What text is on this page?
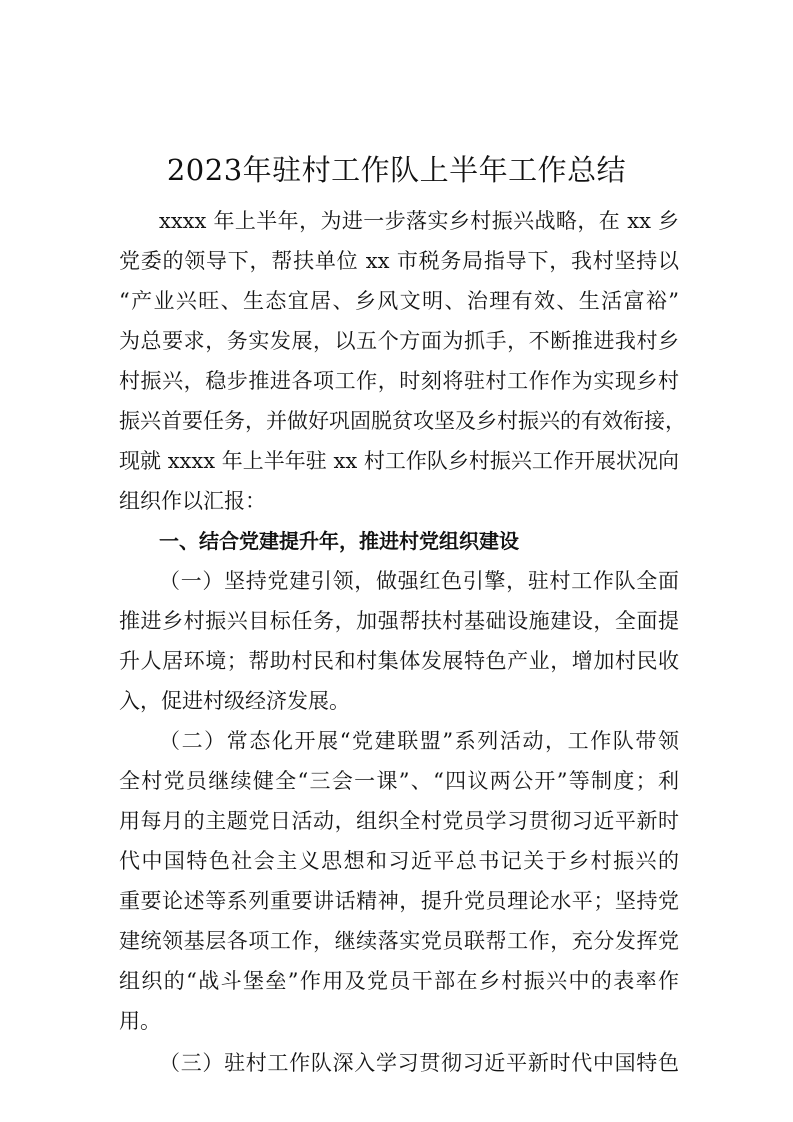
2023年驻村工作队上半年工作总结
xxxx 年上半年，为进一步落实乡村振兴战略，在 xx 乡
党委的领导下，帮扶单位 xx 市税务局指导下，我村坚持以
“产业兴旺、生态宜居、乡风文明、治理有效、生活富裕”
为总要求，务实发展，以五个方面为抓手，不断推进我村乡
村振兴，稳步推进各项工作，时刻将驻村工作作为实现乡村
振兴首要任务，并做好巩固脱贫攻坚及乡村振兴的有效衔接，
现就 xxxx 年上半年驻 xx 村工作队乡村振兴工作开展状况向
组织作以汇报：
一、结合党建提升年，推进村党组织建设
（一）坚持党建引领，做强红色引擎，驻村工作队全面
推进乡村振兴目标任务，加强帮扶村基础设施建设，全面提
升人居环境；帮助村民和村集体发展特色产业，增加村民收
入，促进村级经济发展。
（二）常态化开展“党建联盟”系列活动，工作队带领
全村党员继续健全“三会一课”、“四议两公开”等制度；利
用每月的主题党日活动，组织全村党员学习贯彻习近平新时
代中国特色社会主义思想和习近平总书记关于乡村振兴的
重要论述等系列重要讲话精神，提升党员理论水平；坚持党
建统领基层各项工作，继续落实党员联帮工作，充分发挥党
组织的“战斗堡垒”作用及党员干部在乡村振兴中的表率作
用。
（三）驻村工作队深入学习贯彻习近平新时代中国特色
